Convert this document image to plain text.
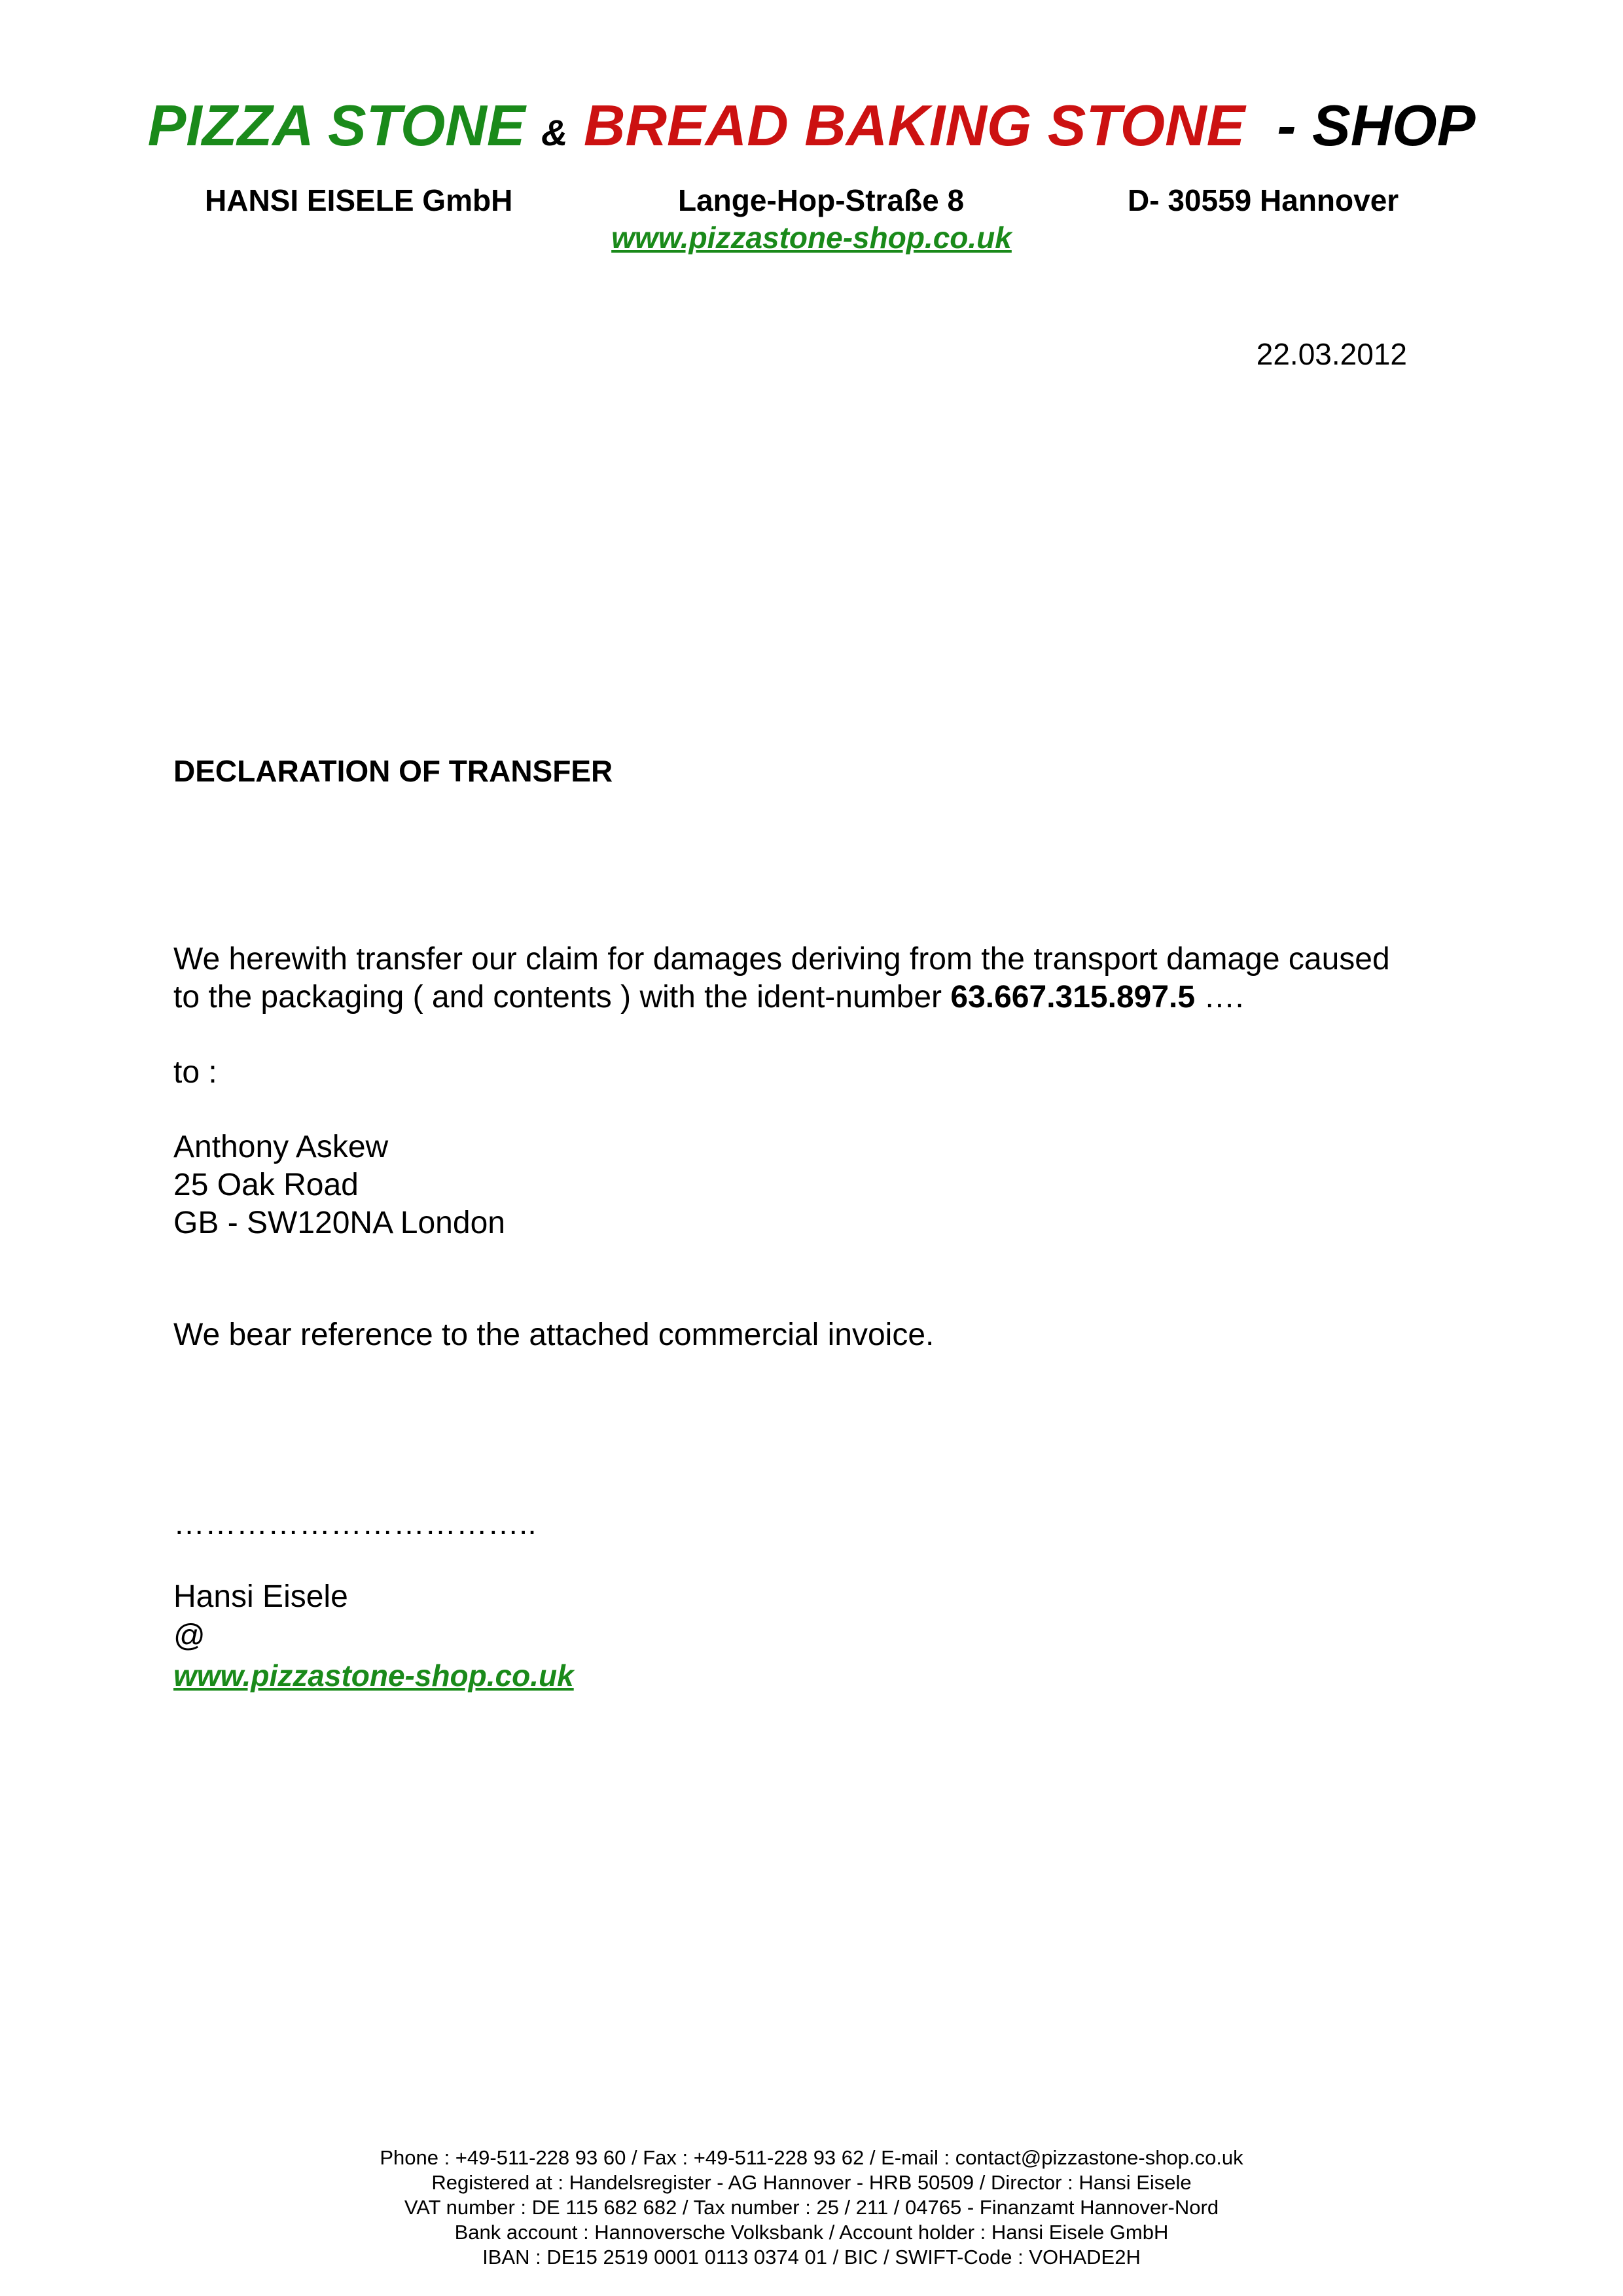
PIZZA STONE & BREAD BAKING STONE - SHOP
HANSI EISELE GmbH	Lange-Hop-Straße 8	D- 30559 Hannover
www.pizzastone-shop.co.uk
22.03.2012
DECLARATION OF TRANSFER
We herewith transfer our claim for damages deriving from the transport damage caused
to the packaging ( and contents ) with the ident-number 63.667.315.897.5 ….
to :
Anthony Askew
25 Oak Road
GB - SW120NA London
We bear reference to the attached commercial invoice.
……………………………..
Hansi Eisele
@
www.pizzastone-shop.co.uk
Phone : +49-511-228 93 60 / Fax : +49-511-228 93 62 / E-mail : contact@pizzastone-shop.co.uk
Registered at : Handelsregister - AG Hannover - HRB 50509 / Director : Hansi Eisele
VAT number : DE 115 682 682 / Tax number : 25 / 211 / 04765 - Finanzamt Hannover-Nord
Bank account : Hannoversche Volksbank / Account holder : Hansi Eisele GmbH
IBAN : DE15 2519 0001 0113 0374 01 / BIC / SWIFT-Code : VOHADE2H
